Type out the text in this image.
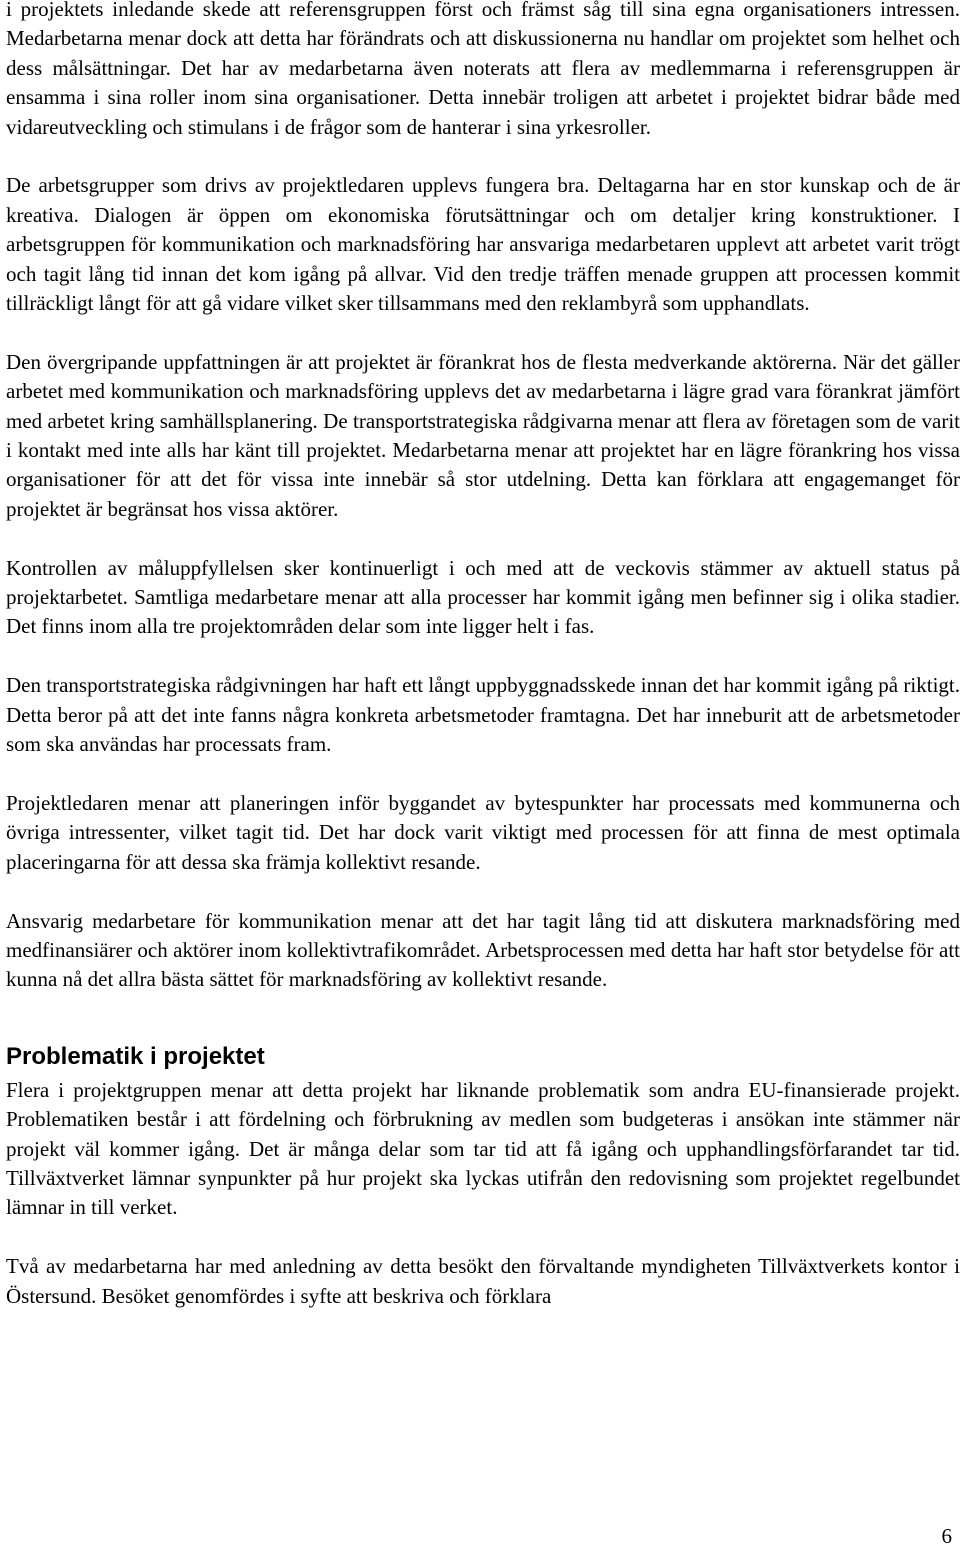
i projektets inledande skede att referensgruppen först och främst såg till sina egna organisationers intressen. Medarbetarna menar dock att detta har förändrats och att diskussionerna nu handlar om projektet som helhet och dess målsättningar. Det har av medarbetarna även noterats att flera av medlemmarna i referensgruppen är ensamma i sina roller inom sina organisationer. Detta innebär troligen att arbetet i projektet bidrar både med vidareutveckling och stimulans i de frågor som de hanterar i sina yrkesroller.

De arbetsgrupper som drivs av projektledaren upplevs fungera bra. Deltagarna har en stor kunskap och de är kreativa. Dialogen är öppen om ekonomiska förutsättningar och om detaljer kring konstruktioner. I arbetsgruppen för kommunikation och marknadsföring har ansvariga medarbetaren upplevt att arbetet varit trögt och tagit lång tid innan det kom igång på allvar. Vid den tredje träffen menade gruppen att processen kommit tillräckligt långt för att gå vidare vilket sker tillsammans med den reklambyrå som upphandlats.

Den övergripande uppfattningen är att projektet är förankrat hos de flesta medverkande aktörerna. När det gäller arbetet med kommunikation och marknadsföring upplevs det av medarbetarna i lägre grad vara förankrat jämfört med arbetet kring samhällsplanering. De transportstrategiska rådgivarna menar att flera av företagen som de varit i kontakt med inte alls har känt till projektet. Medarbetarna menar att projektet har en lägre förankring hos vissa organisationer för att det för vissa inte innebär så stor utdelning. Detta kan förklara att engagemanget för projektet är begränsat hos vissa aktörer.

Kontrollen av måluppfyllelsen sker kontinuerligt i och med att de veckovis stämmer av aktuell status på projektarbetet. Samtliga medarbetare menar att alla processer har kommit igång men befinner sig i olika stadier. Det finns inom alla tre projektområden delar som inte ligger helt i fas.

Den transportstrategiska rådgivningen har haft ett långt uppbyggnadsskede innan det har kommit igång på riktigt. Detta beror på att det inte fanns några konkreta arbetsmetoder framtagna. Det har inneburit att de arbetsmetoder som ska användas har processats fram.

Projektledaren menar att planeringen inför byggandet av bytespunkter har processats med kommunerna och övriga intressenter, vilket tagit tid. Det har dock varit viktigt med processen för att finna de mest optimala placeringarna för att dessa ska främja kollektivt resande.

Ansvarig medarbetare för kommunikation menar att det har tagit lång tid att diskutera marknadsföring med medfinansiärer och aktörer inom kollektivtrafikområdet. Arbetsprocessen med detta har haft stor betydelse för att kunna nå det allra bästa sättet för marknadsföring av kollektivt resande.

Problematik i projektet

Flera i projektgruppen menar att detta projekt har liknande problematik som andra EU-finansierade projekt. Problematiken består i att fördelning och förbrukning av medlen som budgeteras i ansökan inte stämmer när projekt väl kommer igång. Det är många delar som tar tid att få igång och upphandlingsförfarandet tar tid. Tillväxtverket lämnar synpunkter på hur projekt ska lyckas utifrån den redovisning som projektet regelbundet lämnar in till verket.

Två av medarbetarna har med anledning av detta besökt den förvaltande myndigheten Tillväxtverkets kontor i Östersund. Besöket genomfördes i syfte att beskriva och förklara

6
